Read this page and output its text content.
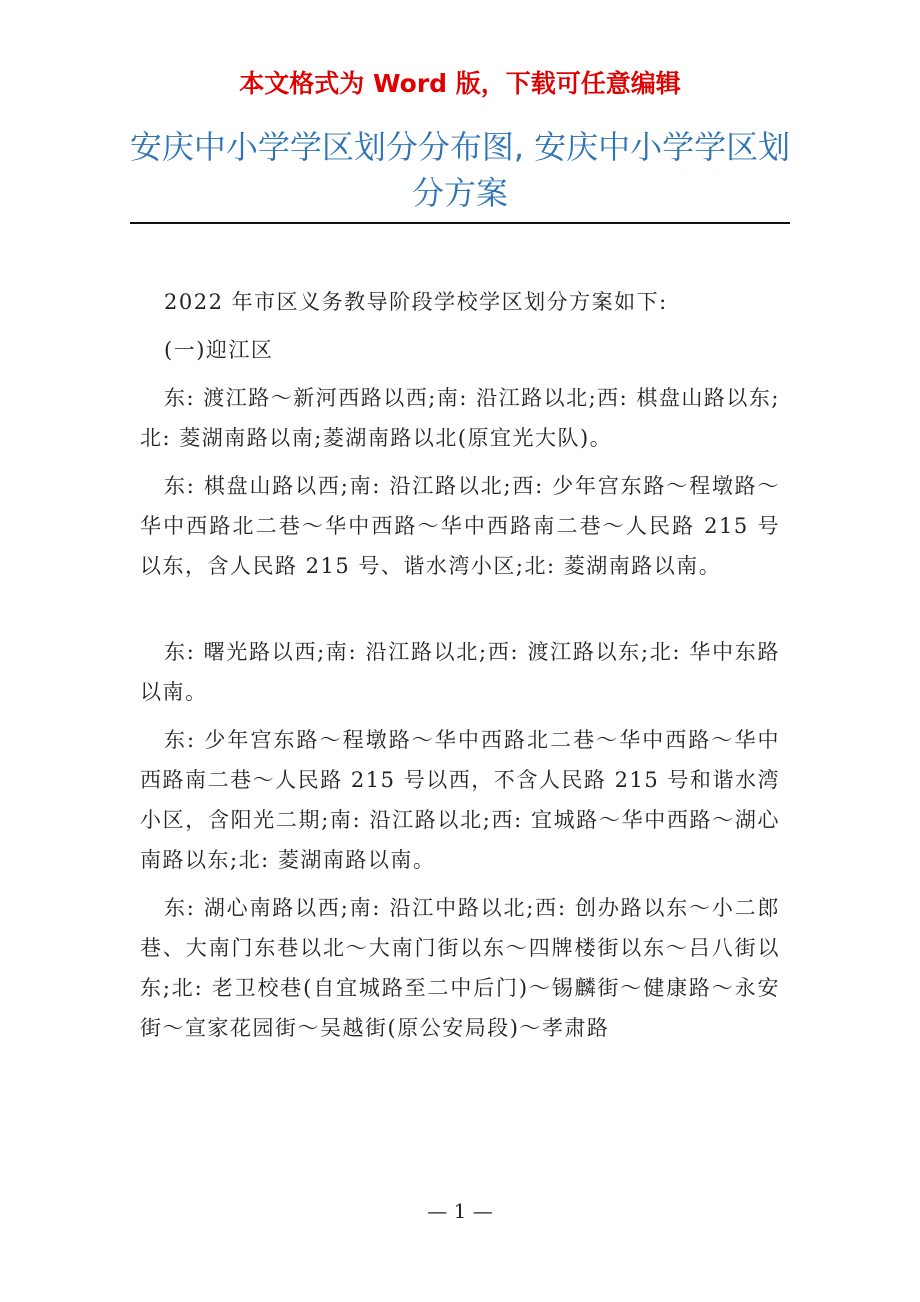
本文格式为 Word 版，下载可任意编辑
安庆中小学学区划分分布图, 安庆中小学学区划分方案

2022 年市区义务教导阶段学校学区划分方案如下:

(一)迎江区

东: 渡江路～新河西路以西;南: 沿江路以北;西: 棋盘山路以东;北: 菱湖南路以南;菱湖南路以北(原宜光大队)。

东: 棋盘山路以西;南: 沿江路以北;西: 少年宫东路～程墩路～华中西路北二巷～华中西路～华中西路南二巷～人民路 215 号以东，含人民路 215 号、谐水湾小区;北: 菱湖南路以南。

东: 曙光路以西;南: 沿江路以北;西: 渡江路以东;北: 华中东路以南。

东: 少年宫东路～程墩路～华中西路北二巷～华中西路～华中西路南二巷～人民路 215 号以西，不含人民路 215 号和谐水湾小区，含阳光二期;南: 沿江路以北;西: 宜城路～华中西路～湖心南路以东;北: 菱湖南路以南。

东: 湖心南路以西;南: 沿江中路以北;西: 创办路以东～小二郎巷、大南门东巷以北～大南门街以东～四牌楼街以东～吕八街以东;北: 老卫校巷(自宜城路至二中后门)～锡麟街～健康路～永安街～宣家花园街～吴越街(原公安局段)～孝肃路

— 1 —
